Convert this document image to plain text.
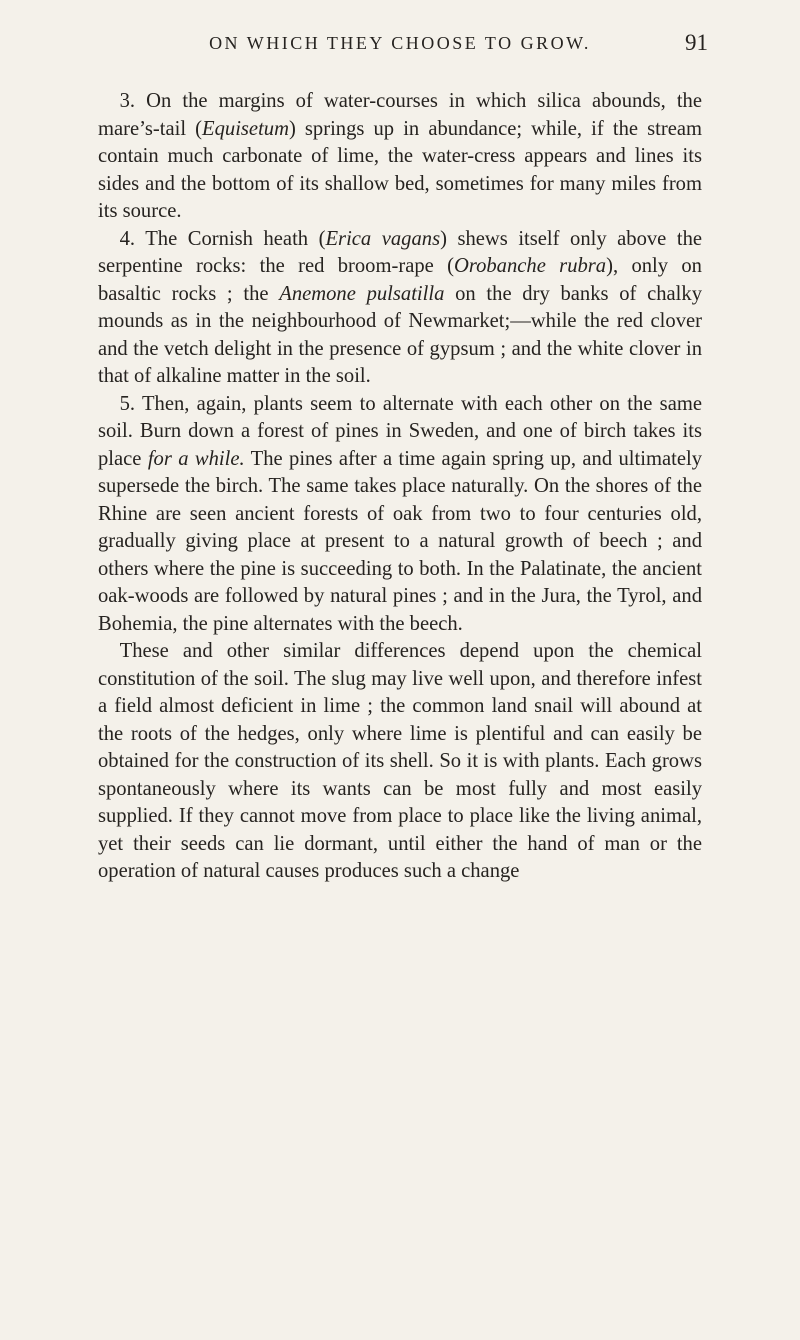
ON WHICH THEY CHOOSE TO GROW.	91

3. On the margins of water-courses in which silica abounds, the mare’s-tail (Equisetum) springs up in abundance; while, if the stream contain much carbonate of lime, the water-cress appears and lines its sides and the bottom of its shallow bed, sometimes for many miles from its source.

4. The Cornish heath (Erica vagans) shews itself only above the serpentine rocks: the red broom-rape (Orobanche rubra), only on basaltic rocks ; the Anemone pulsatilla on the dry banks of chalky mounds as in the neighbourhood of Newmarket;—while the red clover and the vetch delight in the presence of gypsum ; and the white clover in that of alkaline matter in the soil.

5. Then, again, plants seem to alternate with each other on the same soil. Burn down a forest of pines in Sweden, and one of birch takes its place for a while. The pines after a time again spring up, and ultimately supersede the birch. The same takes place naturally. On the shores of the Rhine are seen ancient forests of oak from two to four centuries old, gradually giving place at present to a natural growth of beech ; and others where the pine is succeeding to both. In the Palatinate, the ancient oak-woods are followed by natural pines ; and in the Jura, the Tyrol, and Bohemia, the pine alternates with the beech.

These and other similar differences depend upon the chemical constitution of the soil. The slug may live well upon, and therefore infest a field almost deficient in lime ; the common land snail will abound at the roots of the hedges, only where lime is plentiful and can easily be obtained for the construction of its shell. So it is with plants. Each grows spontaneously where its wants can be most fully and most easily supplied. If they cannot move from place to place like the living animal, yet their seeds can lie dormant, until either the hand of man or the operation of natural causes produces such a change
